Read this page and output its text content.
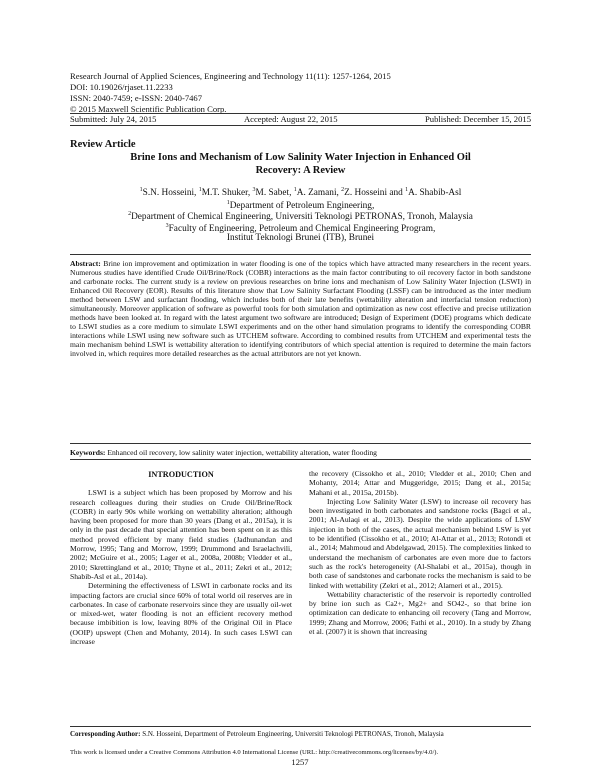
Research Journal of Applied Sciences, Engineering and Technology 11(11): 1257-1264, 2015
DOI: 10.19026/rjaset.11.2233
ISSN: 2040-7459; e-ISSN: 2040-7467
© 2015 Maxwell Scientific Publication Corp.
Submitted: July 24, 2015	Accepted: August 22, 2015	Published: December 15, 2015
Review Article
Brine Ions and Mechanism of Low Salinity Water Injection in Enhanced Oil
Recovery: A Review
$^1$S.N. Hosseini, $^1$M.T. Shuker, $^3$M. Sabet, $^1$A. Zamani, $^2$Z. Hosseini and $^1$A. Shabib-Asl
$^1$Department of Petroleum Engineering,
$^2$Department of Chemical Engineering, Universiti Teknologi PETRONAS, Tronoh, Malaysia
$^3$Faculty of Engineering, Petroleum and Chemical Engineering Program,
Institut Teknologi Brunei (ITB), Brunei
Abstract: Brine ion improvement and optimization in water flooding is one of the topics which have attracted many researchers in the recent years. Numerous studies have identified Crude Oil/Brine/Rock (COBR) interactions as the main factor contributing to oil recovery factor in both sandstone and carbonate rocks. The current study is a review on previous researches on brine ions and mechanism of Low Salinity Water Injection (LSWI) in Enhanced Oil Recovery (EOR). Results of this literature show that Low Salinity Surfactant Flooding (LSSF) can be introduced as the inter medium method between LSW and surfactant flooding, which includes both of their late benefits (wettability alteration and interfacial tension reduction) simultaneously. Moreover application of software as powerful tools for both simulation and optimization as new cost effective and precise utilization methods have been looked at. In regard with the latest argument two software are introduced; Design of Experiment (DOE) programs which dedicate to LSWI studies as a core medium to simulate LSWI experiments and on the other hand simulation programs to identify the corresponding COBR interactions while LSWI using new software such as UTCHEM software. According to combined results from UTCHEM and experimental tests the main mechanism behind LSWI is wettability alteration to identifying contributors of which special attention is required to determine the main factors involved in, which requires more detailed researches as the actual attributors are not yet known.
Keywords: Enhanced oil recovery, low salinity water injection, wettability alteration, water flooding
INTRODUCTION

LSWI is a subject which has been proposed by Morrow and his research colleagues during their studies on Crude Oil/Brine/Rock (COBR) in early 90s while working on wettability alteration; although having been proposed for more than 30 years (Dang et al., 2015a), it is only in the past decade that special attention has been spent on it as this method proved efficient by many field studies (Jadhunandan and Morrow, 1995; Tang and Morrow, 1999; Drummond and Israelachvili, 2002; McGuire et al., 2005; Lager et al., 2008a, 2008b; Vledder et al., 2010; Skrettingland et al., 2010; Thyne et al., 2011; Zekri et al., 2012; Shabib-Asl et al., 2014a).

Determining the effectiveness of LSWI in carbonate rocks and its impacting factors are crucial since 60% of total world oil reserves are in carbonates. In case of carbonate reservoirs since they are usually oil-wet or mixed-wet, water flooding is not an efficient recovery method because imbibition is low, leaving 80% of the Original Oil in Place (OOIP) upswept (Chen and Mohanty, 2014). In such cases LSWI can increase

the recovery (Cissokho et al., 2010; Vledder et al., 2010; Chen and Mohanty, 2014; Attar and Muggeridge, 2015; Dang et al., 2015a; Mahani et al., 2015a, 2015b).

Injecting Low Salinity Water (LSW) to increase oil recovery has been investigated in both carbonates and sandstone rocks (Bagci et al., 2001; Al-Aulaqi et al., 2013). Despite the wide applications of LSW injection in both of the cases, the actual mechanism behind LSW is yet to be identified (Cissokho et al., 2010; Al-Attar et al., 2013; Rotondi et al., 2014; Mahmoud and Abdelgawad, 2015). The complexities linked to understand the mechanism of carbonates are even more due to factors such as the rock's heterogeneity (Al-Shalabi et al., 2015a), though in both case of sandstones and carbonate rocks the mechanism is said to be linked with wettability (Zekri et al., 2012; Alameri et al., 2015).

Wettability characteristic of the reservoir is reportedly controlled by brine ion such as Ca2+, Mg2+ and SO42-, so that brine ion optimization can dedicate to enhancing oil recovery (Tang and Morrow, 1999; Zhang and Morrow, 2006; Fathi et al., 2010). In a study by Zhang et al. (2007) it is shown that increasing

Corresponding Author: S.N. Hosseini, Department of Petroleum Engineering, Universiti Teknologi PETRONAS, Tronoh, Malaysia
This work is licensed under a Creative Commons Attribution 4.0 International License (URL: http://creativecommons.org/licenses/by/4.0/).
1257
